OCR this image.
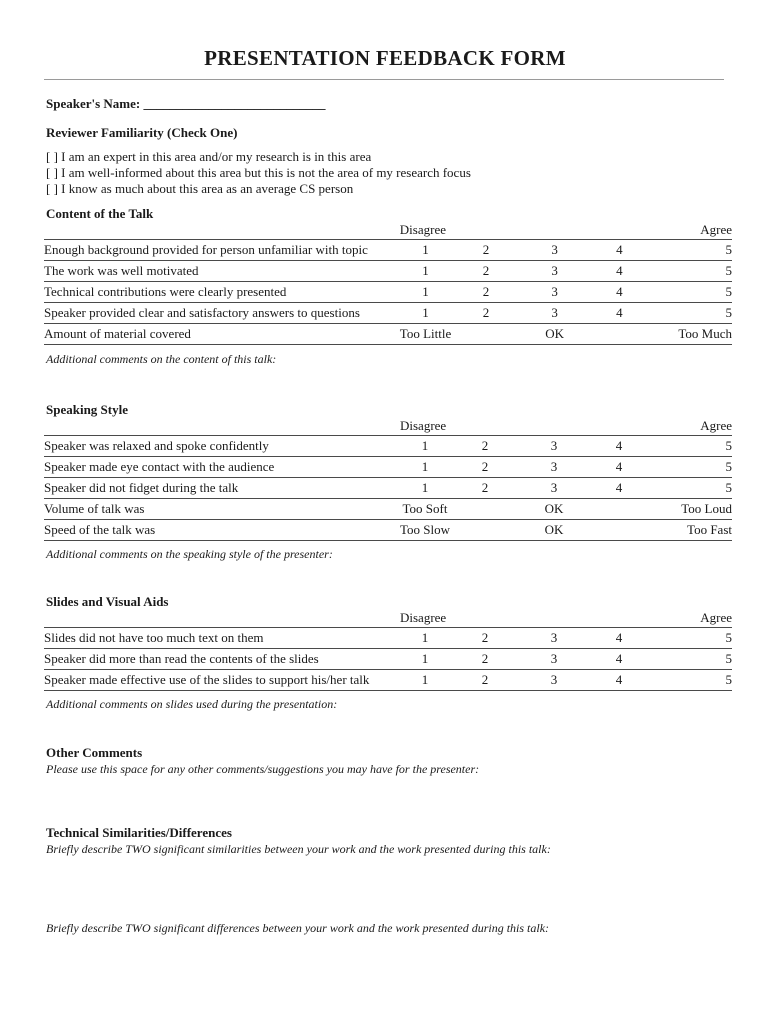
PRESENTATION FEEDBACK FORM
Speaker's Name: ____________________________
Reviewer Familiarity (Check One)
[ ] I am an expert in this area and/or my research is in this area
[ ] I am well-informed about this area but this is not the area of my research focus
[ ] I know as much about this area as an average CS person
Content of the Talk
	Disagree				Agree
Enough background provided for person unfamiliar with topic	1	2	3	4	5
The work was well motivated	1	2	3	4	5
Technical contributions were clearly presented	1	2	3	4	5
Speaker provided clear and satisfactory answers to questions	1	2	3	4	5
Amount of material covered	Too Little		OK		Too Much
Additional comments on the content of this talk:
Speaking Style
	Disagree				Agree
Speaker was relaxed and spoke confidently	1	2	3	4	5
Speaker made eye contact with the audience	1	2	3	4	5
Speaker did not fidget during the talk	1	2	3	4	5
Volume of talk was	Too Soft		OK		Too Loud
Speed of the talk was	Too Slow		OK		Too Fast
Additional comments on the speaking style of the presenter:
Slides and Visual Aids
	Disagree				Agree
Slides did not have too much text on them	1	2	3	4	5
Speaker did more than read the contents of the slides	1	2	3	4	5
Speaker made effective use of the slides to support his/her talk	1	2	3	4	5
Additional comments on slides used during the presentation:
Other Comments
Please use this space for any other comments/suggestions you may have for the presenter:
Technical Similarities/Differences
Briefly describe TWO significant similarities between your work and the work presented during this talk:
Briefly describe TWO significant differences between your work and the work presented during this talk:
